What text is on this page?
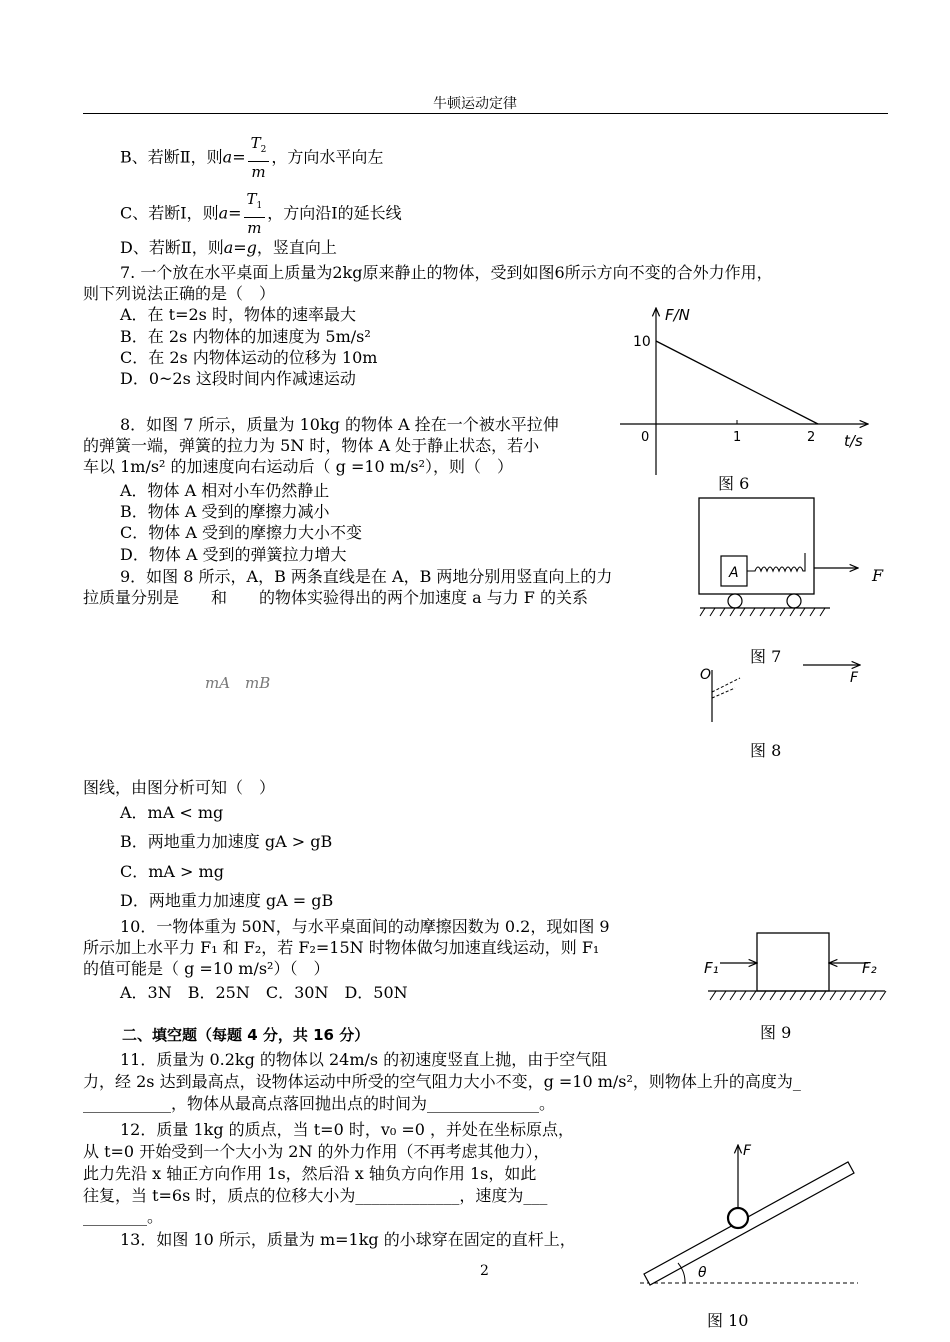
牛顿运动定律
B、若断Ⅱ，则$a= \frac{T_2}{m}$ ，方向水平向左
C、若断Ⅰ，则$a= \frac{T_1}{m}$ ，方向沿Ⅰ的延长线
D、若断Ⅱ，则a=g，竖直向上
7. 一个放在水平桌面上质量为2kg原来静止的物体，受到如图6所示方向不变的合外力作用，
则下列说法正确的是（　）
A．在 t=2s 时，物体的速率最大
B．在 2s 内物体的加速度为 5m/s²
C．在 2s 内物体运动的位移为 10m
D．0~2s 这段时间内作减速运动
F/N
t/s
0
10
1	2
图 6
8．如图 7 所示，质量为 10kg 的物体 A 拴在一个被水平拉伸
的弹簧一端，弹簧的拉力为 5N 时，物体 A 处于静止状态，若小
车以 1m/s² 的加速度向右运动后（ g =10 m/s²），则（　）
A．物体 A 相对小车仍然静止
B．物体 A 受到的摩擦力减小
C．物体 A 受到的摩擦力大小不变
D．物体 A 受到的弹簧拉力增大
A	F
图 7
9．如图 8 所示，A，B 两条直线是在 A，B 两地分别用竖直向上的力
拉质量分别是　　和　　的物体实验得出的两个加速度 a 与力 F 的关系
mA　mB
图线，由图分析可知（　）
A．mA < mg
B．两地重力加速度 gA > gB
C．mA > mg
D．两地重力加速度 gA = gB
O	F
图 8
10．一物体重为 50N，与水平桌面间的动摩擦因数为 0.2，现如图 9
所示加上水平力 F₁ 和 F₂，若 F₂=15N 时物体做匀加速直线运动，则 F₁
的值可能是（ g =10 m/s²）（　）
A．3N　B．25N　C．30N　D．50N
F₁	F₂
图 9
二、填空题（每题 4 分，共 16 分）
11．质量为 0.2kg 的物体以 24m/s 的初速度竖直上抛，由于空气阻
力，经 2s 达到最高点，设物体运动中所受的空气阻力大小不变，g =10 m/s²，则物体上升的高度为_
___________，物体从最高点落回抛出点的时间为______________。
12．质量 1kg 的质点，当 t=0 时，v₀ =0 ，并处在坐标原点，
从 t=0 开始受到一个大小为 2N 的外力作用（不再考虑其他力），
此力先沿 x 轴正方向作用 1s，然后沿 x 轴负方向作用 1s，如此
往复，当 t=6s 时，质点的位移大小为_____________，速度为___
________。
13．如图 10 所示，质量为 m=1kg 的小球穿在固定的直杆上，
F
θ
图 10
2
